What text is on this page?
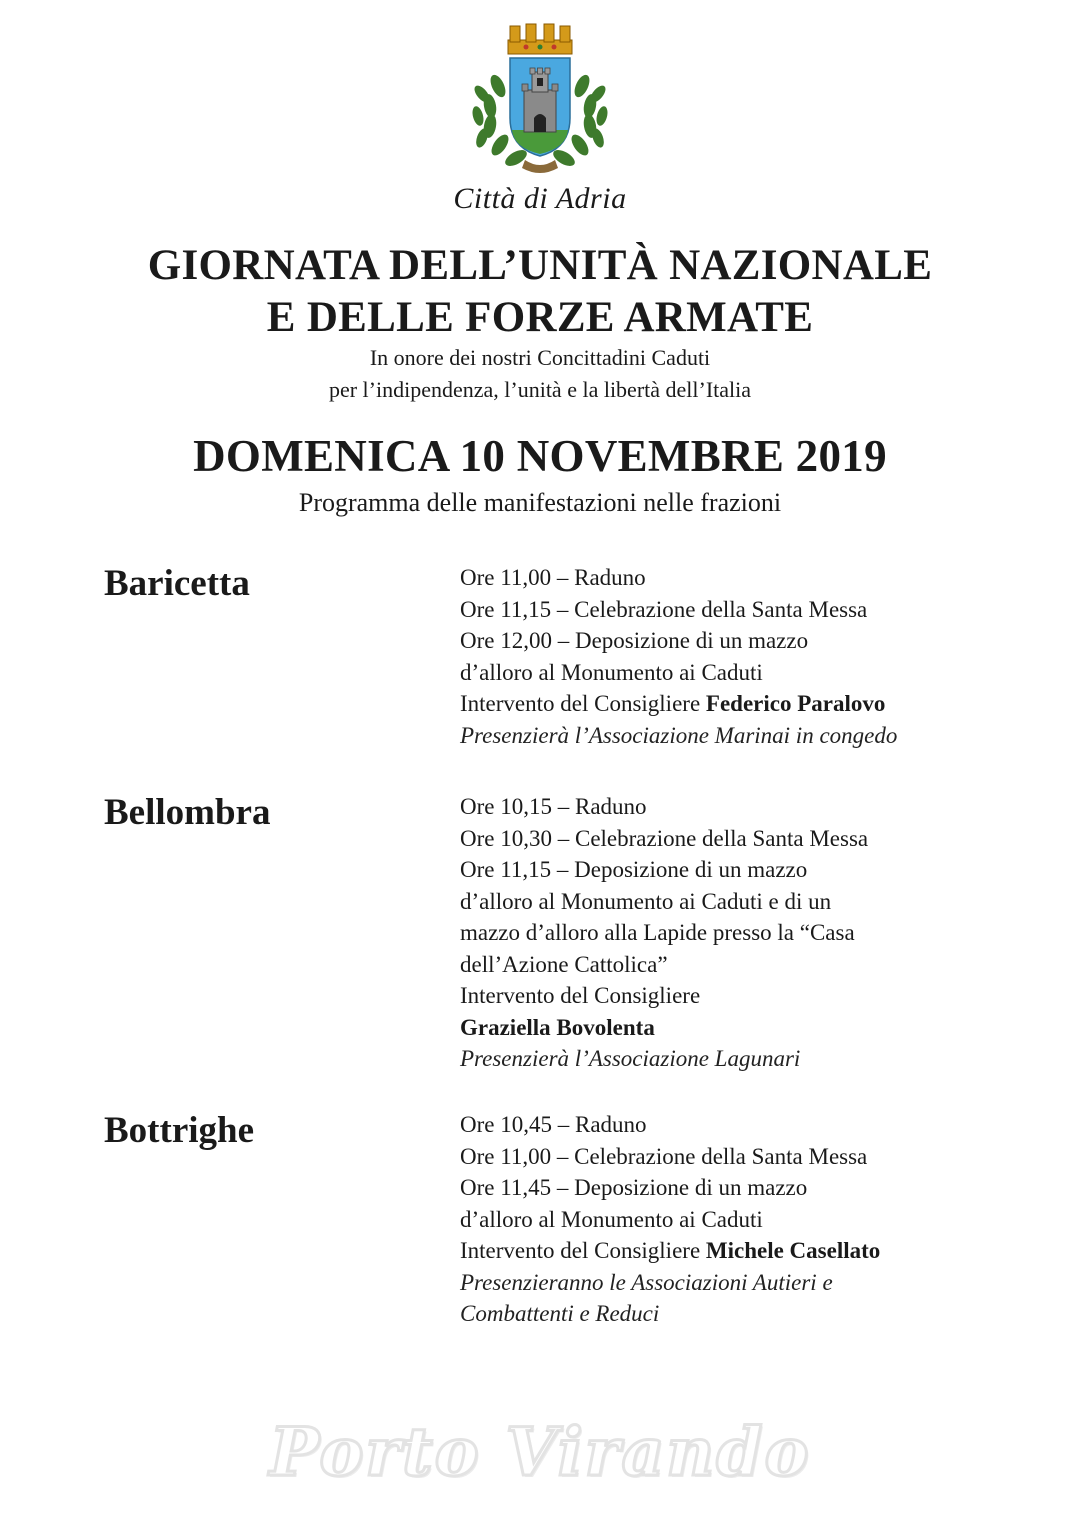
Città di Adria
GIORNATA DELL’UNITÀ NAZIONALE
E DELLE FORZE ARMATE
In onore dei nostri Concittadini Caduti
per l’indipendenza, l’unità e la libertà dell’Italia
DOMENICA 10 NOVEMBRE 2019
Programma delle manifestazioni nelle frazioni
Baricetta	Ore 11,00 – Raduno
Ore 11,15 – Celebrazione della Santa Messa
Ore 12,00 – Deposizione di un mazzo
d’alloro al Monumento ai Caduti
Intervento del Consigliere Federico Paralovo
Presenzierà l’Associazione Marinai in congedo
Bellombra	Ore 10,15 – Raduno
Ore 10,30 – Celebrazione della Santa Messa
Ore 11,15 – Deposizione di un mazzo
d’alloro al Monumento ai Caduti e di un
mazzo d’alloro alla Lapide presso la “Casa
dell’Azione Cattolica”
Intervento del Consigliere
Graziella Bovolenta
Presenzierà l’Associazione Lagunari
Bottrighe	Ore 10,45 – Raduno
Ore 11,00 – Celebrazione della Santa Messa
Ore 11,45 – Deposizione di un mazzo
d’alloro al Monumento ai Caduti
Intervento del Consigliere Michele Casellato
Presenzieranno le Associazioni Autieri e
Combattenti e Reduci
Porto Virando
